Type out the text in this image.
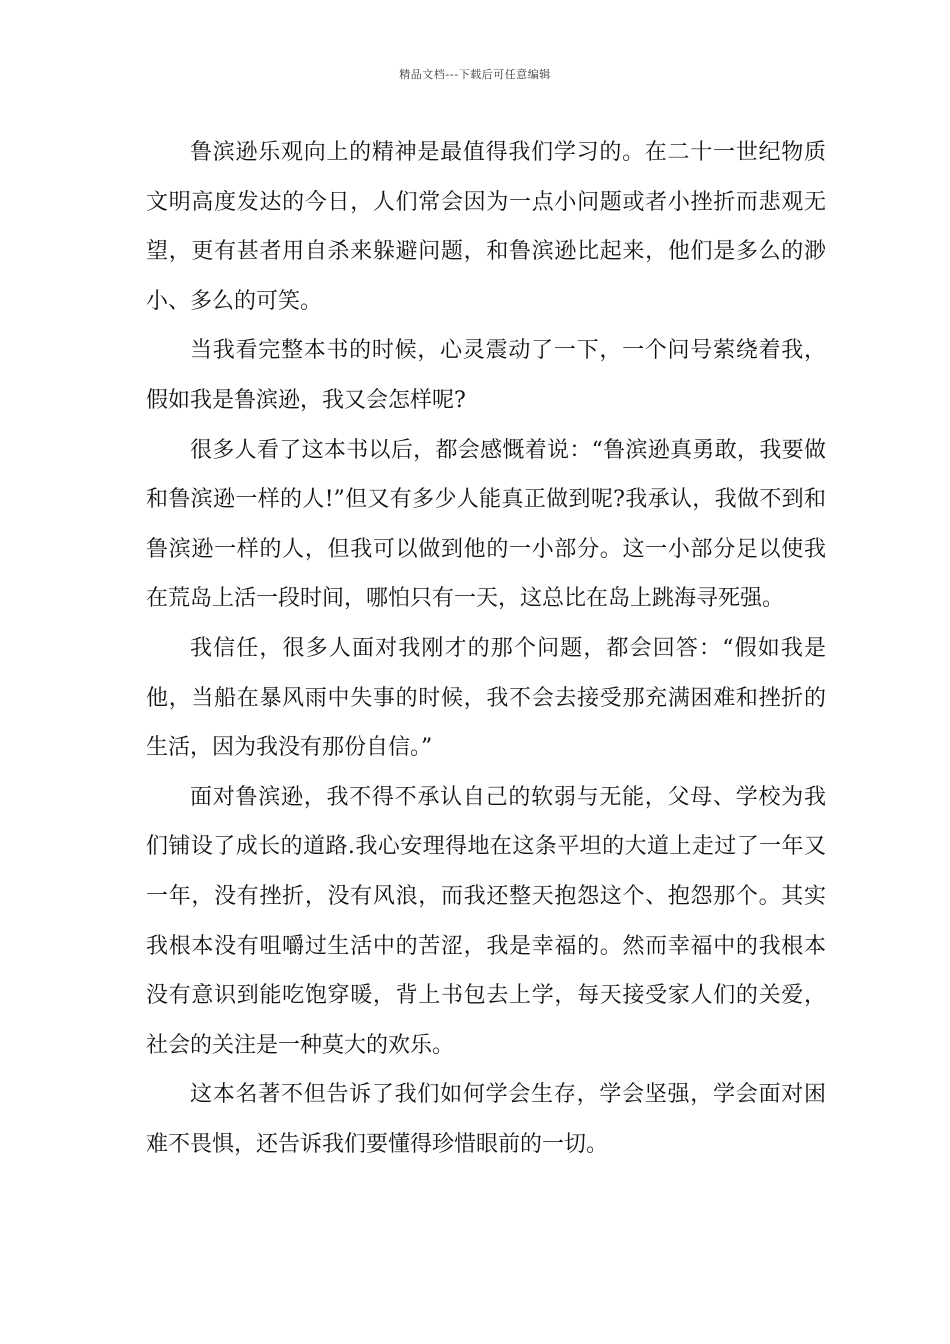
精品文档---下载后可任意编辑

鲁滨逊乐观向上的精神是最值得我们学习的。在二十一世纪物质文明高度发达的今日，人们常会因为一点小问题或者小挫折而悲观无望，更有甚者用自杀来躲避问题，和鲁滨逊比起来，他们是多么的渺小、多么的可笑。

当我看完整本书的时候，心灵震动了一下，一个问号萦绕着我，假如我是鲁滨逊，我又会怎样呢?

很多人看了这本书以后，都会感慨着说：“鲁滨逊真勇敢，我要做和鲁滨逊一样的人!”但又有多少人能真正做到呢?我承认，我做不到和鲁滨逊一样的人，但我可以做到他的一小部分。这一小部分足以使我在荒岛上活一段时间，哪怕只有一天，这总比在岛上跳海寻死强。

我信任，很多人面对我刚才的那个问题，都会回答：“假如我是他，当船在暴风雨中失事的时候，我不会去接受那充满困难和挫折的生活，因为我没有那份自信。”

面对鲁滨逊，我不得不承认自己的软弱与无能，父母、学校为我们铺设了成长的道路.我心安理得地在这条平坦的大道上走过了一年又一年，没有挫折，没有风浪，而我还整天抱怨这个、抱怨那个。其实我根本没有咀嚼过生活中的苦涩，我是幸福的。然而幸福中的我根本没有意识到能吃饱穿暖，背上书包去上学，每天接受家人们的关爱，社会的关注是一种莫大的欢乐。

这本名著不但告诉了我们如何学会生存，学会坚强，学会面对困难不畏惧，还告诉我们要懂得珍惜眼前的一切。
